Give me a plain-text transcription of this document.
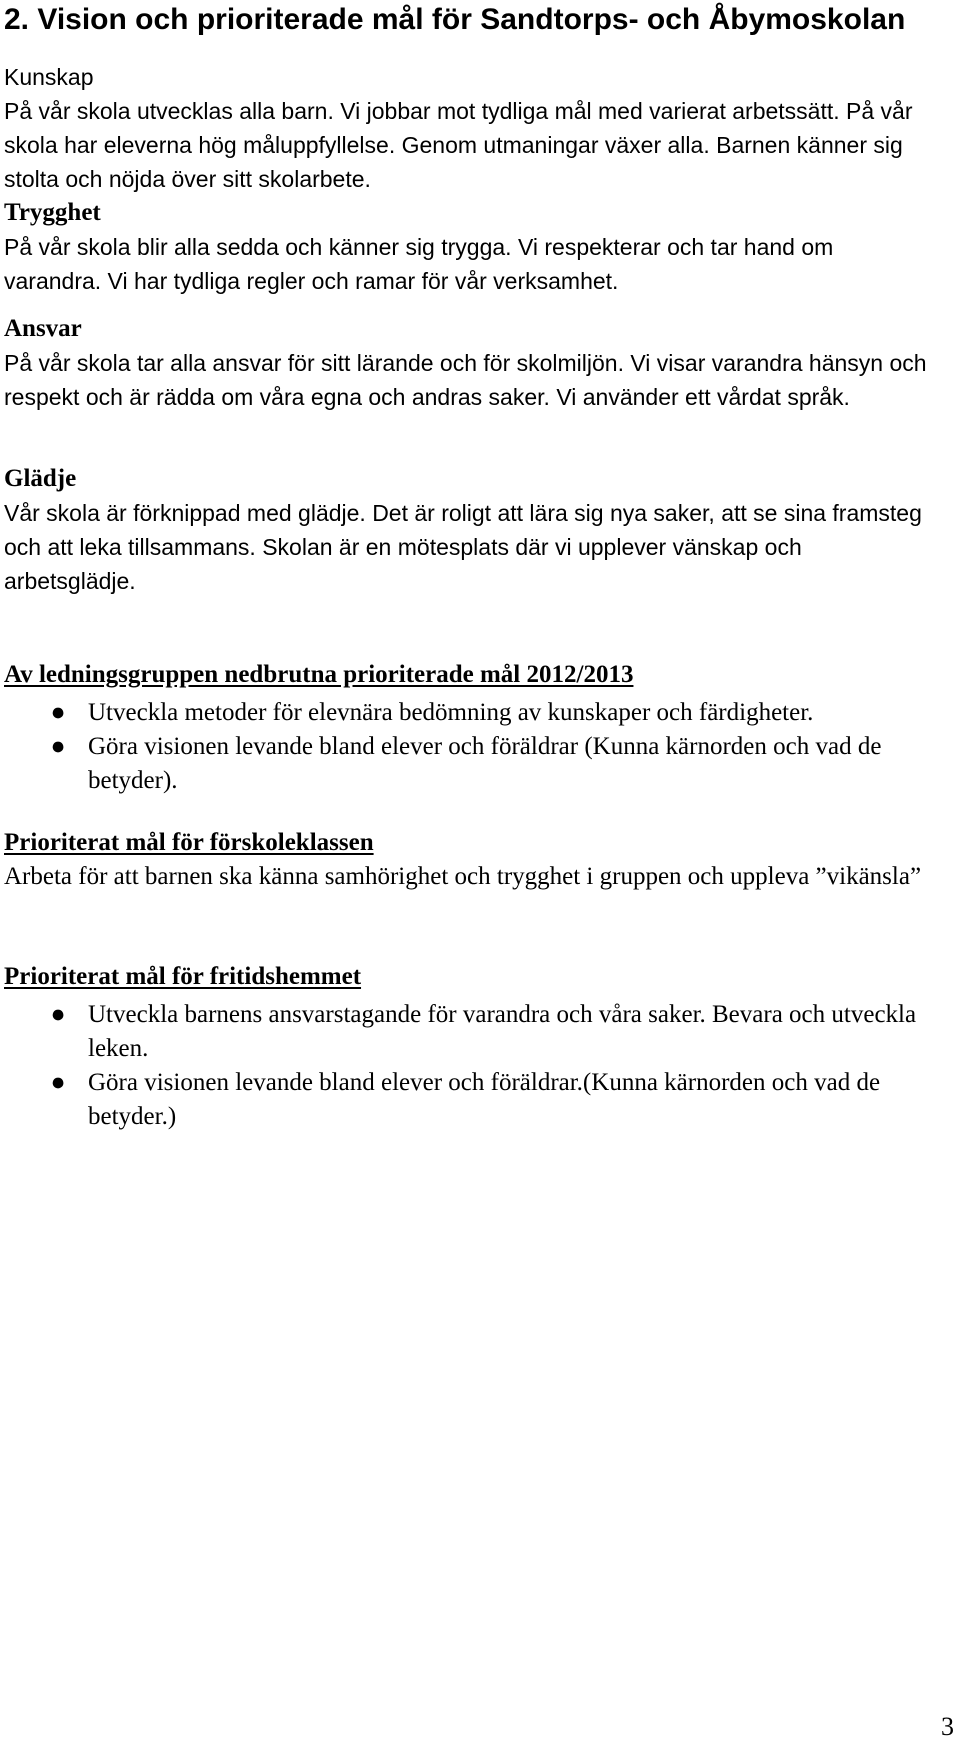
2. Vision och prioriterade mål för Sandtorps- och Åbymoskolan
Kunskap
På vår skola utvecklas alla barn. Vi jobbar mot tydliga mål med varierat arbetssätt. På vår skola har eleverna hög måluppfyllelse. Genom utmaningar växer alla. Barnen känner sig stolta och nöjda över sitt skolarbete.
Trygghet
På vår skola blir alla sedda och känner sig trygga. Vi respekterar och tar hand om varandra. Vi har tydliga regler och ramar för vår verksamhet.
Ansvar
På vår skola tar alla ansvar för sitt lärande och för skolmiljön. Vi visar varandra hänsyn och respekt och är rädda om våra egna och andras saker. Vi använder ett vårdat språk.
Glädje
Vår skola är förknippad med glädje. Det är roligt att lära sig nya saker, att se sina framsteg och att leka tillsammans. Skolan är en mötesplats där vi upplever vänskap och arbetsglädje.
Av ledningsgruppen nedbrutna prioriterade mål 2012/2013
● Utveckla metoder för elevnära bedömning av kunskaper och färdigheter.
● Göra visionen levande bland elever och föräldrar (Kunna kärnorden och vad de betyder).
Prioriterat mål för förskoleklassen
Arbeta för att barnen ska känna samhörighet och trygghet i gruppen och uppleva ”vikänsla”
Prioriterat mål för fritidshemmet
● Utveckla barnens ansvarstagande för varandra och våra saker. Bevara och utveckla leken.
● Göra visionen levande bland elever och föräldrar.(Kunna kärnorden och vad de betyder.)
3
